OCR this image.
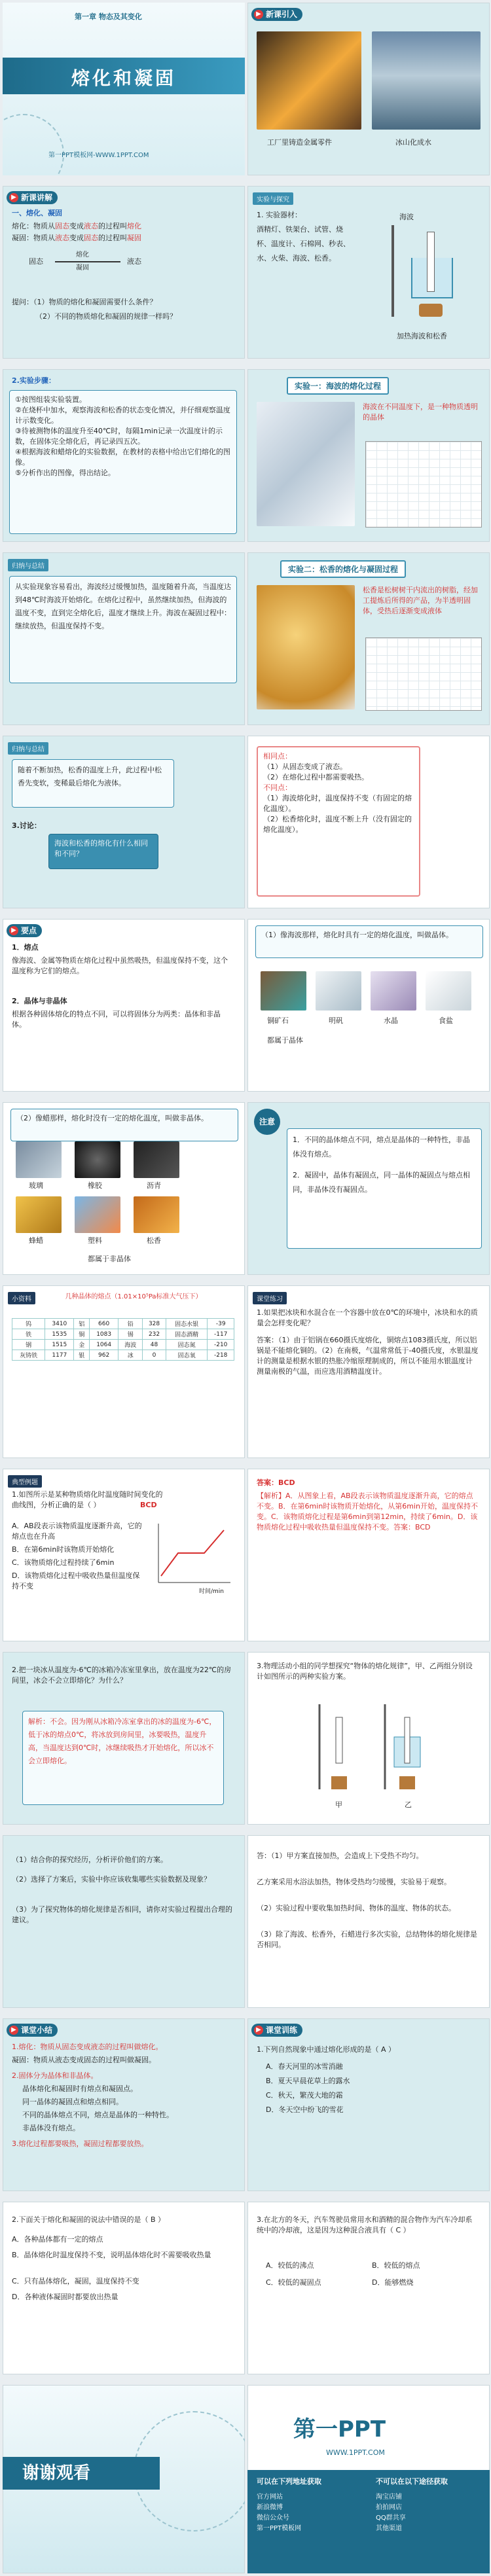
第一章 物态及其变化
熔化和凝固
第一PPT模板网-WWW.1PPT.COM
▶ 新课引入
工厂里铸造金属零件	冰山化成水
▶ 新课讲解
一、熔化、凝固
熔化：物质从固态变成液态的过程叫熔化
凝固：物质从液态变成固态的过程叫凝固
固态
熔化
凝固
液态
提问：（1）物质的熔化和凝固需要什么条件？
（2）不同的物质熔化和凝固的规律一样吗？
实验与探究
1. 实验器材：
酒精灯、铁架台、试管、烧杯、温度计、石棉网、秒表、水、火柴、海波、松香。
海波
加热海波和松香
2.实验步骤：
①按图组装实验装置。
②在烧杯中加水，观察海波和松香的状态变化情况，并仔细观察温度计示数变化。
③待被测物体的温度升至40℃时，每隔1min记录一次温度计的示数，在固体完全熔化后，再记录四五次。
④根据海波和蜡熔化的实验数据，在教材的表格中给出它们熔化的图像。
⑤分析作出的图像，得出结论。
实验一：海波的熔化过程
海波在不同温度下，是一种物质透明的晶体
归纳与总结
从实验现象容易看出，海波经过缓慢加热，温度随着升高，当温度达到48℃时海波开始熔化。在熔化过程中，虽然继续加热，但海波的温度不变，直到完全熔化后，温度才继续上升。海波在凝固过程中：继续放热，但温度保持不变。
实验二：松香的熔化与凝固过程
松香是松树树干内流出的树脂，经加工提炼后所得的产品，为半透明固体，受热后逐渐变成液体
归纳与总结
随着不断加热，松香的温度上升，此过程中松香先变软，变稀最后熔化为液体。
3.讨论：
海波和松香的熔化有什么相同和不同？
相同点：
（1）从固态变成了液态。
（2）在熔化过程中都需要吸热。
不同点：
（1）海波熔化时，温度保持不变（有固定的熔化温度）。
（2）松香熔化时，温度不断上升（没有固定的熔化温度）。
▶ 要点
1．熔点
像海波、金属等物质在熔化过程中虽然吸热，但温度保持不变，这个温度称为它们的熔点。
2．晶体与非晶体
根据各种固体熔化的特点不同，可以将固体分为两类：晶体和非晶体。
（1）像海波那样，熔化时具有一定的熔化温度，叫做晶体。
铜矿石	明矾	水晶	食盐
都属于晶体
（2）像蜡那样，熔化时没有一定的熔化温度，叫做非晶体。
玻璃	橡胶	沥青
蜂蜡	塑料	松香
都属于非晶体
注意
1．不同的晶体熔点不同，熔点是晶体的一种特性，非晶体没有熔点。
2．凝固中，晶体有凝固点，同一晶体的凝固点与熔点相同，非晶体没有凝固点。
小资料	几种晶体的熔点（1.01×10⁵Pa标准大气压下）
钨	3410	铝	660	铅	328	固态水银	-39
铁	1535	铜	1083	锡	232	固态酒精	-117
钢	1515	金	1064	海波	48	固态氮	-210
灰铸铁	1177	银	962	冰	0	固态氧	-218
课堂练习
1.如果把冰块和水混合在一个容器中放在0℃的环境中，冰块和水的质量会怎样变化呢？
答案：（1）由于铝锅在660摄氏度熔化，铜熔点1083摄氏度，所以铝锅是不能熔化铜的。（2）在南极，气温常常低于-40摄氏度，水银温度计的测量是根据水银的热胀冷缩原理制成的，所以不能用水银温度计测量南极的气温，而应选用酒精温度计。
典型例题
1.如图所示是某种物质熔化时温度随时间变化的曲线图，分析正确的是（ ）	BCD
A．AB段表示该物质温度逐渐升高，它的熔点也在升高
B．在第6min时该物质开始熔化
C．该物质熔化过程持续了6min
D．该物质熔化过程中吸收热量但温度保持不变
时间/min
答案：BCD
【解析】A．从图象上看，AB段表示该物质温度逐渐升高，它的熔点不变。B．在第6min时该物质开始熔化，从第6min开始，温度保持不变。C．该物质熔化过程是第6min到第12min，持续了6min。D．该物质熔化过程中吸收热量但温度保持不变。答案：BCD
2.把一块冰从温度为-6℃的冰箱冷冻室里拿出，放在温度为22℃的房间里，冰会不会立即熔化？为什么？
解析：不会。因为刚从冰箱冷冻室拿出的冰的温度为-6℃，低于冰的熔点0℃，将冰放到房间里，冰要吸热，温度升高，当温度达到0℃时，冰继续吸热才开始熔化，所以冰不会立即熔化。
3.物理活动小组的同学想探究“物体的熔化规律”，甲、乙两组分别设计如图所示的两种实验方案。
甲	乙
（1）结合你的探究经历，分析评价他们的方案。
（2）选择了方案后，实验中你应该收集哪些实验数据及现象？
（3）为了探究物体的熔化规律是否相同，请你对实验过程提出合理的建议。
答：（1）甲方案直接加热，会造成上下受热不均匀。
乙方案采用水浴法加热，物体受热均匀缓慢，实验易于观察。
（2）实验过程中要收集加热时间、物体的温度、物体的状态。
（3）除了海波、松香外，石蜡进行多次实验，总结物体的熔化规律是否相同。
▶ 课堂小结
1.熔化：物质从固态变成液态的过程叫做熔化。
凝固：物质从液态变成固态的过程叫做凝固。
2.固体分为晶体和非晶体。
晶体熔化和凝固时有熔点和凝固点。
同一晶体的凝固点和熔点相同。
不同的晶体熔点不同，熔点是晶体的一种特性。
非晶体没有熔点。
3.熔化过程都要吸热，凝固过程都要放热。
▶ 课堂训练
1.下列自然现象中通过熔化形成的是（ A ）
A．春天河里的冰雪消融
B．夏天早晨花草上的露水
C．秋天，繁茂大地的霜
D．冬天空中纷飞的雪花
2.下面关于熔化和凝固的说法中错误的是（ B ）
A．各种晶体都有一定的熔点
B．晶体熔化时温度保持不变，说明晶体熔化时不需要吸收热量
C．只有晶体熔化，凝固，温度保持不变
D．各种液体凝固时都要放出热量
3.在北方的冬天，汽车驾驶员常用水和酒精的混合物作为汽车冷却系统中的冷却液，这是因为这种混合液具有（ C ）
A．较低的沸点	B．较低的熔点
C．较低的凝固点	D．能够燃烧
谢谢观看
第一PPT
WWW.1PPT.COM
可以在下列地址获取	不可以在以下途径获取
官方网站
新浪微博
微信公众号
第一PPT模板网
淘宝店铺
拍拍网店
QQ群共享
其他渠道
